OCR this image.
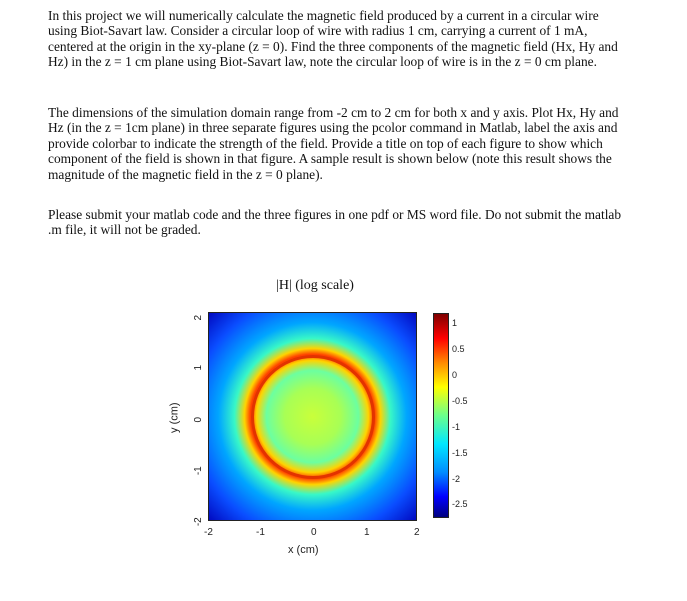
In this project we will numerically calculate the magnetic field produced by a current in a circular wire using Biot-Savart law. Consider a circular loop of wire with radius 1 cm, carrying a current of 1 mA, centered at the origin in the xy-plane (z = 0). Find the three components of the magnetic field (Hx, Hy and Hz) in the z = 1 cm plane using Biot-Savart law, note the circular loop of wire is in the z = 0 cm plane.

The dimensions of the simulation domain range from -2 cm to 2 cm for both x and y axis. Plot Hx, Hy and Hz (in the z = 1cm plane) in three separate figures using the pcolor command in Matlab, label the axis and provide colorbar to indicate the strength of the field. Provide a title on top of each figure to show which component of the field is shown in that figure. A sample result is shown below (note this result shows the magnitude of the magnetic field in the z = 0 plane).

Please submit your matlab code and the three figures in one pdf or MS word file. Do not submit the matlab .m file, it will not be graded.

|H| (log scale)
y (cm)
x (cm)
2
1
0
-1
-2
-2	-1	0	1	2
1
0.5
0
-0.5
-1
-1.5
-2
-2.5
